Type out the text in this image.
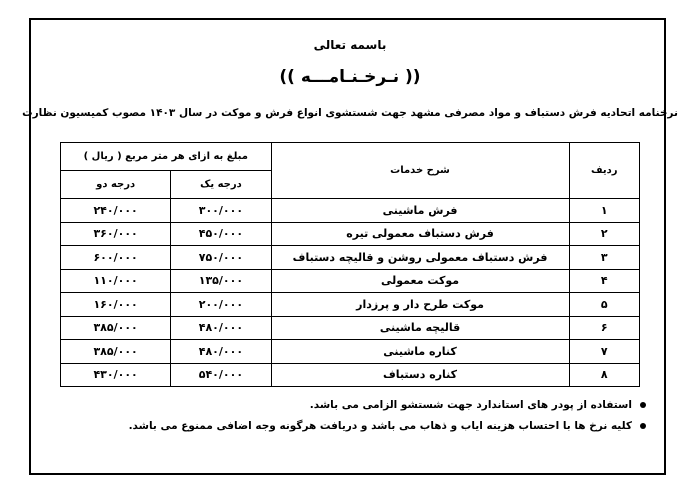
باسمه تعالی
(( نـرخـنـامـــه ))
نرخنامه اتحادیه فرش دستباف و مواد مصرفی مشهد جهت شستشوی انواع فرش و موکت در سال ۱۴۰۳ مصوب کمیسیون نظارت
ردیف	شرح خدمات	مبلغ به ازای هر متر مربع ( ریال )	
		درجه یک	درجه دو
۱	فرش ماشینی	۳۰۰/۰۰۰	۲۴۰/۰۰۰
۲	فرش دستباف معمولی تیره	۴۵۰/۰۰۰	۳۶۰/۰۰۰
۳	فرش دستباف معمولی روشن و قالیچه دستباف	۷۵۰/۰۰۰	۶۰۰/۰۰۰
۴	موکت معمولی	۱۳۵/۰۰۰	۱۱۰/۰۰۰
۵	موکت طرح دار و پرزدار	۲۰۰/۰۰۰	۱۶۰/۰۰۰
۶	قالیچه ماشینی	۴۸۰/۰۰۰	۳۸۵/۰۰۰
۷	کناره ماشینی	۴۸۰/۰۰۰	۳۸۵/۰۰۰
۸	کناره دستباف	۵۴۰/۰۰۰	۴۳۰/۰۰۰
استفاده از پودر های استاندارد جهت شستشو الزامی می باشد.
کلیه نرخ ها با احتساب هزینه ایاب و ذهاب می باشد و دریافت هرگونه وجه اضافی ممنوع می باشد.
